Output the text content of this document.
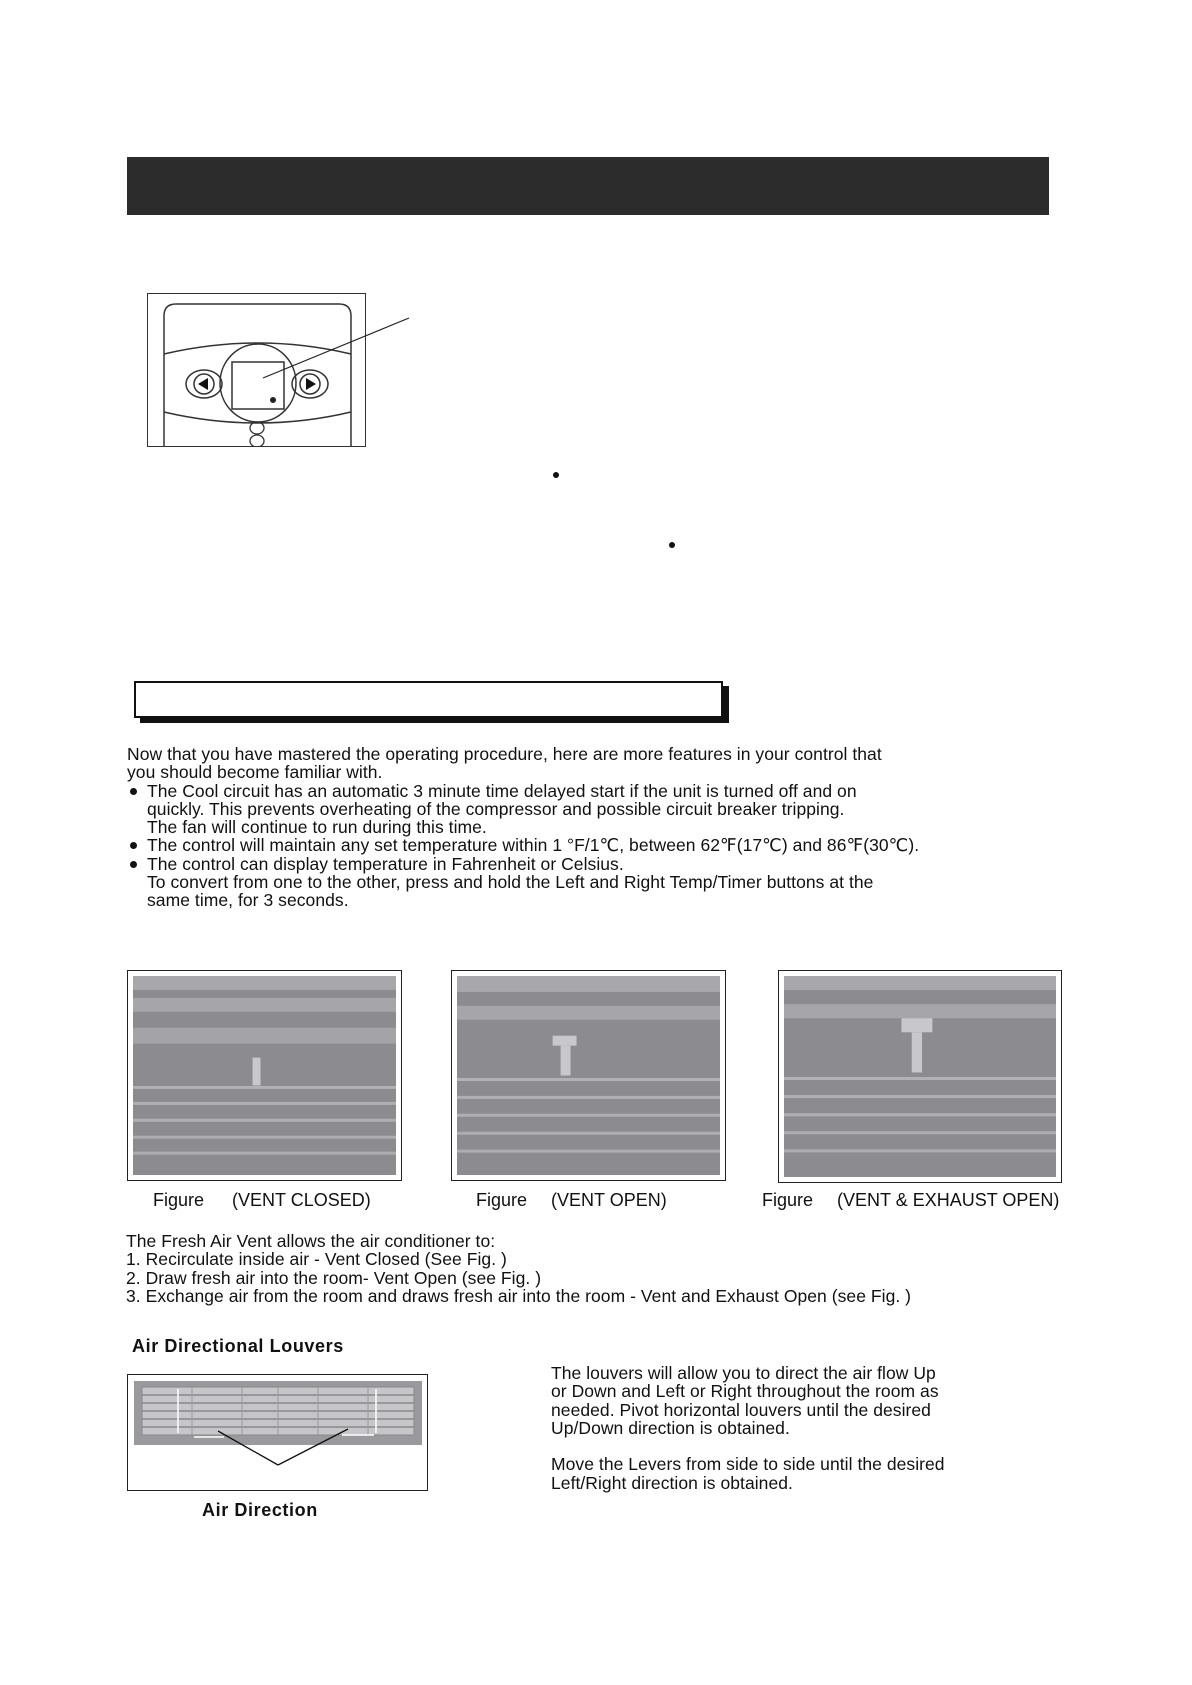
Now that you have mastered the operating procedure, here are more features in your control that
you should become familiar with.
The Cool circuit has an automatic 3 minute time delayed start if the unit is turned off and on
quickly. This prevents overheating of the compressor and possible circuit breaker tripping.
The fan will continue to run during this time.
The control will maintain any set temperature within 1 °F/1℃, between 62℉(17℃) and 86℉(30℃).
The control can display temperature in Fahrenheit or Celsius.
To convert from one to the other, press and hold the Left and Right Temp/Timer buttons at the
same time, for 3 seconds.
Figure (VENT CLOSED)	Figure (VENT OPEN)	Figure (VENT & EXHAUST OPEN)
The Fresh Air Vent allows the air conditioner to:
1. Recirculate inside air - Vent Closed (See Fig. )
2. Draw fresh air into the room- Vent Open (see Fig. )
3. Exchange air from the room and draws fresh air into the room - Vent and Exhaust Open (see Fig. )
Air Directional Louvers
Air Direction
The louvers will allow you to direct the air flow Up
or Down and Left or Right throughout the room as
needed. Pivot horizontal louvers until the desired
Up/Down direction is obtained.
Move the Levers from side to side until the desired
Left/Right direction is obtained.
